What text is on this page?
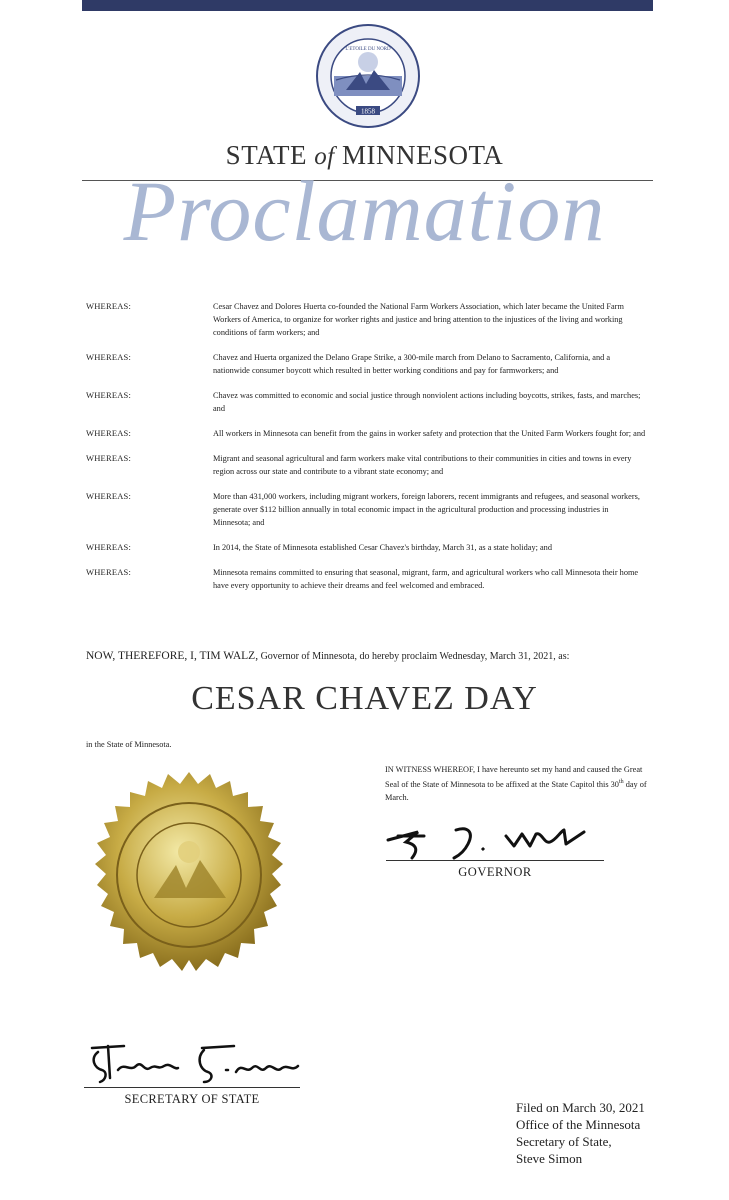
1858
L'ETOILE DU NORD
STATE of MINNESOTA
Proclamation
WHEREAS:	Cesar Chavez and Dolores Huerta co-founded the National Farm Workers Association, which later became the United Farm Workers of America, to organize for worker rights and justice and bring attention to the injustices of the living and working conditions of farm workers; and
WHEREAS:	Chavez and Huerta organized the Delano Grape Strike, a 300-mile march from Delano to Sacramento, California, and a nationwide consumer boycott which resulted in better working conditions and pay for farmworkers; and
WHEREAS:	Chavez was committed to economic and social justice through nonviolent actions including boycotts, strikes, fasts, and marches; and
WHEREAS:	All workers in Minnesota can benefit from the gains in worker safety and protection that the United Farm Workers fought for; and
WHEREAS:	Migrant and seasonal agricultural and farm workers make vital contributions to their communities in cities and towns in every region across our state and contribute to a vibrant state economy; and
WHEREAS:	More than 431,000 workers, including migrant workers, foreign laborers, recent immigrants and refugees, and seasonal workers, generate over $112 billion annually in total economic impact in the agricultural production and processing industries in Minnesota; and
WHEREAS:	In 2014, the State of Minnesota established Cesar Chavez's birthday, March 31, as a state holiday; and
WHEREAS:	Minnesota remains committed to ensuring that seasonal, migrant, farm, and agricultural workers who call Minnesota their home have every opportunity to achieve their dreams and feel welcomed and embraced.
NOW, THEREFORE, I, TIM WALZ, Governor of Minnesota, do hereby proclaim Wednesday, March 31, 2021, as:
CESAR CHAVEZ DAY
in the State of Minnesota.
IN WITNESS WHEREOF, I have hereunto set my hand and caused the Great Seal of the State of Minnesota to be affixed at the State Capitol this 30th day of March.
GOVERNOR
SECRETARY OF STATE
Filed on March 30, 2021
Office of the Minnesota
Secretary of State,
Steve Simon
